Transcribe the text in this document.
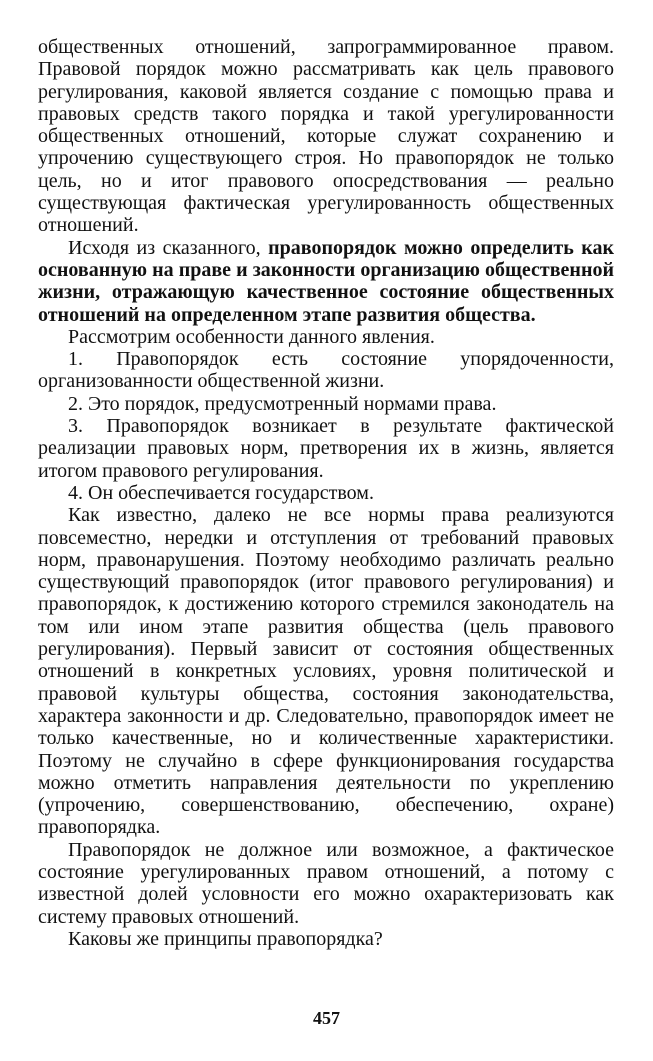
общественных отношений, запрограммированное правом. Правовой порядок можно рассматривать как цель правового регулирования, каковой является создание с помощью права и правовых средств такого порядка и такой урегулированности общественных отношений, которые служат сохранению и упрочению существующего строя. Но правопорядок не только цель, но и итог правового опосредствования — реально существующая фактическая урегулированность общественных отношений.

Исходя из сказанного, правопорядок можно определить как основанную на праве и законности организацию общественной жизни, отражающую качественное состояние общественных отношений на определенном этапе развития общества.

Рассмотрим особенности данного явления.

1. Правопорядок есть состояние упорядоченности, организованности общественной жизни.

2. Это порядок, предусмотренный нормами права.

3. Правопорядок возникает в результате фактической реализации правовых норм, претворения их в жизнь, является итогом правового регулирования.

4. Он обеспечивается государством.

Как известно, далеко не все нормы права реализуются повсеместно, нередки и отступления от требований правовых норм, правонарушения. Поэтому необходимо различать реально существующий правопорядок (итог правового регулирования) и правопорядок, к достижению которого стремился законодатель на том или ином этапе развития общества (цель правового регулирования). Первый зависит от состояния общественных отношений в конкретных условиях, уровня политической и правовой культуры общества, состояния законодательства, характера законности и др. Следовательно, правопорядок имеет не только качественные, но и количественные характеристики. Поэтому не случайно в сфере функционирования государства можно отметить направления деятельности по укреплению (упрочению, совершенствованию, обеспечению, охране) правопорядка.

Правопорядок не должное или возможное, а фактическое состояние урегулированных правом отношений, а потому с известной долей условности его можно охарактеризовать как систему правовых отношений.

Каковы же принципы правопорядка?

457
